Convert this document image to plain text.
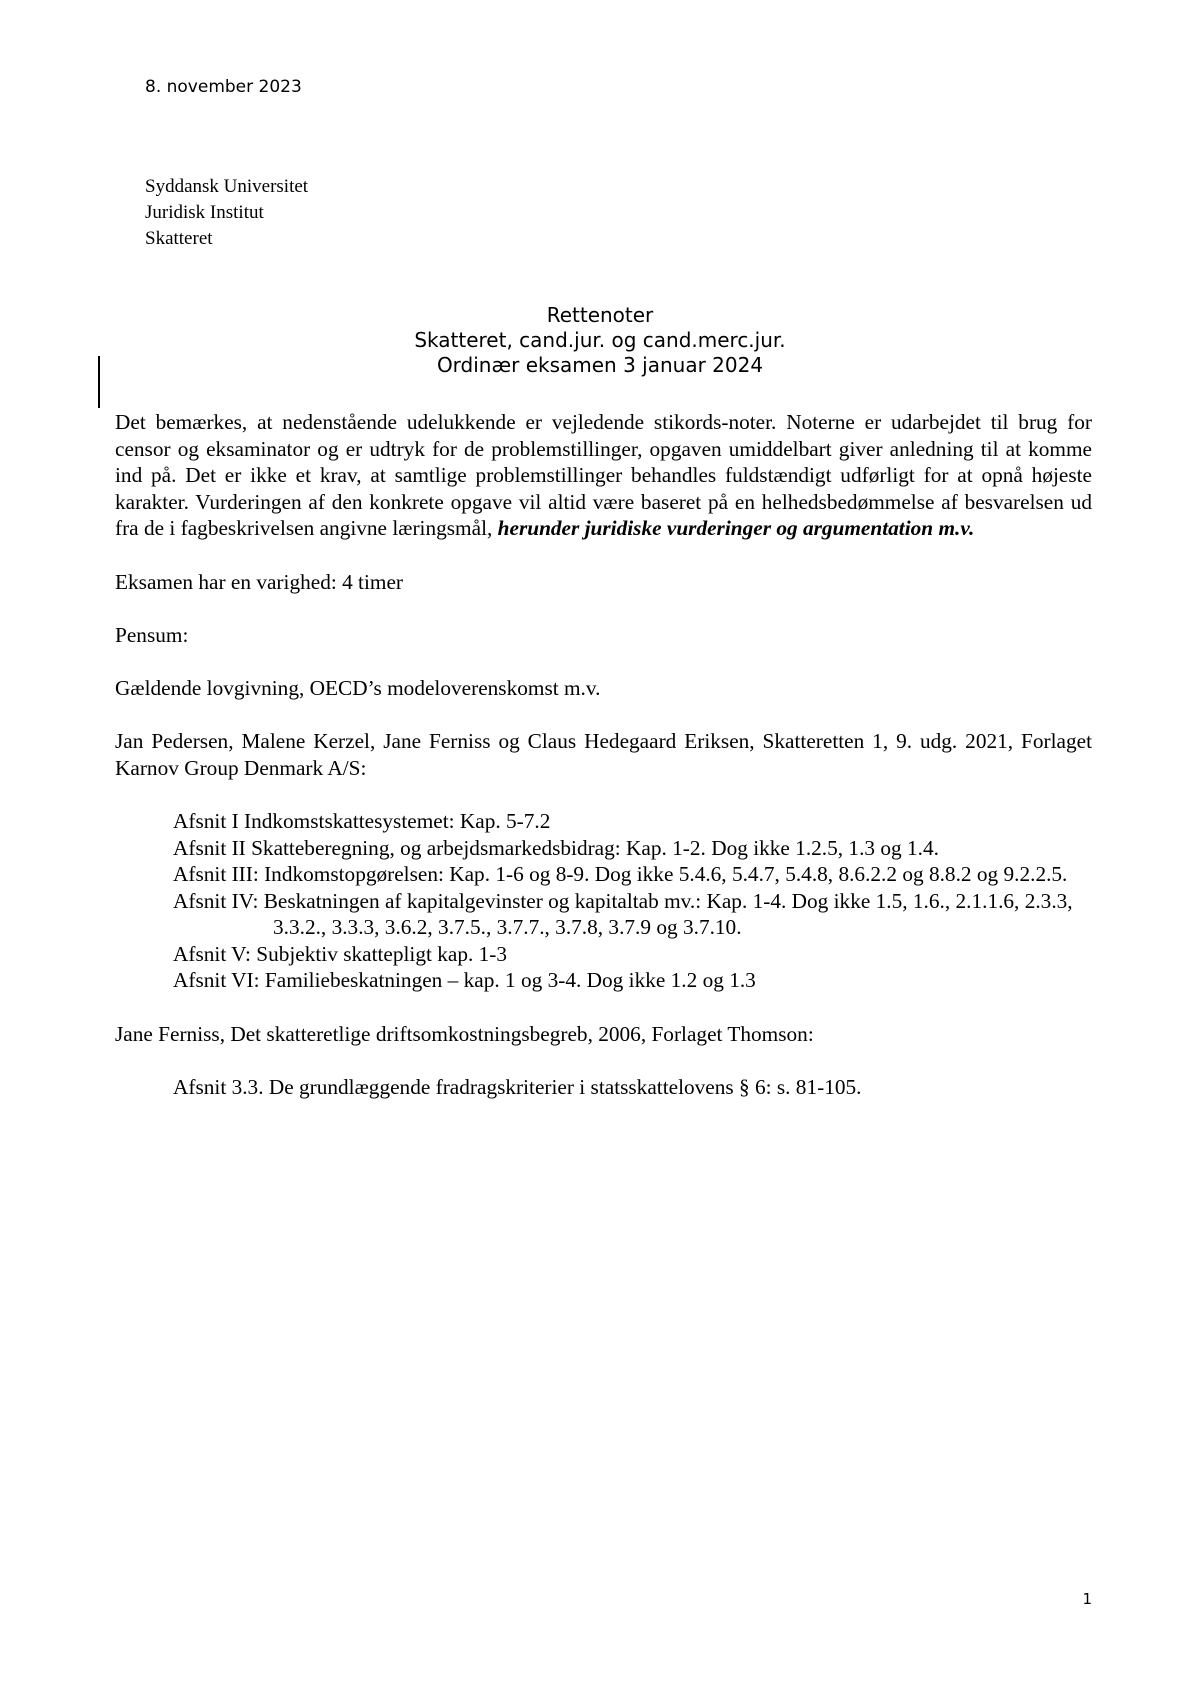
8. november 2023
Syddansk Universitet
Juridisk Institut
Skatteret
Rettenoter
Skatteret, cand.jur. og cand.merc.jur.
Ordinær eksamen 3 januar 2024

Det bemærkes, at nedenstående udelukkende er vejledende stikords-noter. Noterne er udarbejdet til brug for censor og eksaminator og er udtryk for de problemstillinger, opgaven umiddelbart giver anledning til at komme ind på. Det er ikke et krav, at samtlige problemstillinger behandles fuldstændigt udførligt for at opnå højeste karakter. Vurderingen af den konkrete opgave vil altid være baseret på en helhedsbedømmelse af besvarelsen ud fra de i fagbeskrivelsen angivne læringsmål, herunder juridiske vurderinger og argumentation m.v.

Eksamen har en varighed: 4 timer

Pensum:

Gældende lovgivning, OECD’s modeloverenskomst m.v.

Jan Pedersen, Malene Kerzel, Jane Ferniss og Claus Hedegaard Eriksen, Skatteretten 1, 9. udg. 2021, Forlaget Karnov Group Denmark A/S:

Afsnit I Indkomstskattesystemet: Kap. 5-7.2
Afsnit II Skatteberegning, og arbejdsmarkedsbidrag: Kap. 1-2. Dog ikke 1.2.5, 1.3 og 1.4.
Afsnit III: Indkomstopgørelsen: Kap. 1-6 og 8-9. Dog ikke 5.4.6, 5.4.7, 5.4.8, 8.6.2.2 og 8.8.2 og 9.2.2.5.
Afsnit IV: Beskatningen af kapitalgevinster og kapitaltab mv.: Kap. 1-4. Dog ikke 1.5, 1.6., 2.1.1.6, 2.3.3, 3.3.2., 3.3.3, 3.6.2, 3.7.5., 3.7.7., 3.7.8, 3.7.9 og 3.7.10.
Afsnit V: Subjektiv skattepligt kap. 1-3
Afsnit VI: Familiebeskatningen – kap. 1 og 3-4. Dog ikke 1.2 og 1.3

Jane Ferniss, Det skatteretlige driftsomkostningsbegreb, 2006, Forlaget Thomson:

Afsnit 3.3. De grundlæggende fradragskriterier i statsskattelovens § 6: s. 81-105.

1
